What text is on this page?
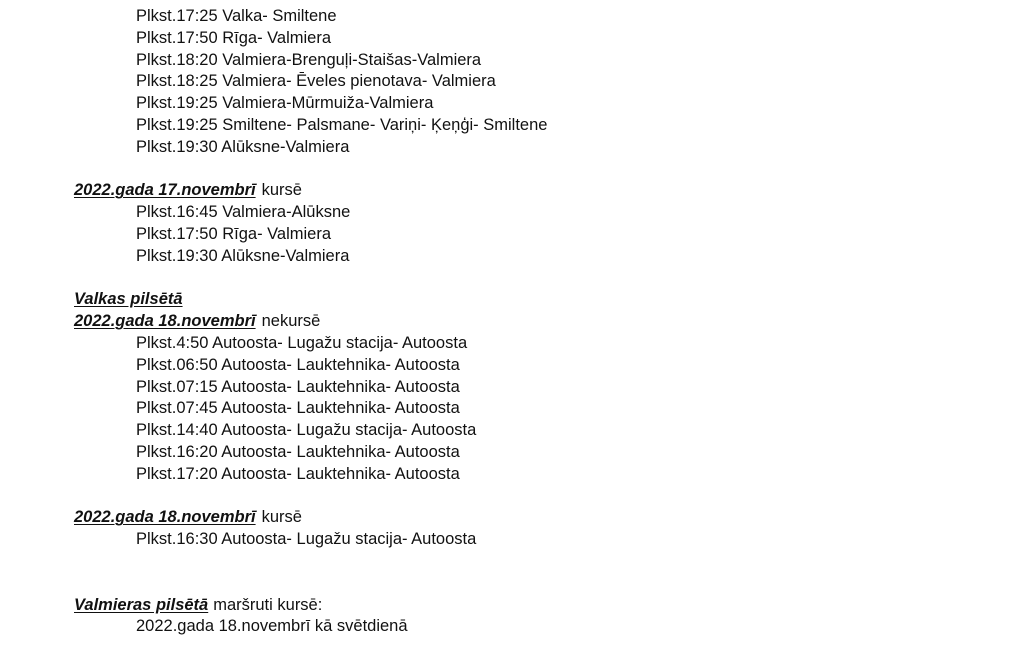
Plkst.17:25 Valka- Smiltene
Plkst.17:50 Rīga- Valmiera
Plkst.18:20 Valmiera-Brenguļi-Staišas-Valmiera
Plkst.18:25 Valmiera- Ēveles pienotava- Valmiera
Plkst.19:25 Valmiera-Mūrmuiža-Valmiera
Plkst.19:25 Smiltene- Palsmane- Variņi- Ķeņģi- Smiltene
Plkst.19:30 Alūksne-Valmiera
2022.gada 17.novembrī kursē
Plkst.16:45 Valmiera-Alūksne
Plkst.17:50 Rīga- Valmiera
Plkst.19:30 Alūksne-Valmiera
Valkas pilsētā
2022.gada 18.novembrī nekursē
Plkst.4:50 Autoosta- Lugažu stacija- Autoosta
Plkst.06:50 Autoosta- Lauktehnika- Autoosta
Plkst.07:15 Autoosta- Lauktehnika- Autoosta
Plkst.07:45 Autoosta- Lauktehnika- Autoosta
Plkst.14:40 Autoosta- Lugažu stacija- Autoosta
Plkst.16:20 Autoosta- Lauktehnika- Autoosta
Plkst.17:20 Autoosta- Lauktehnika- Autoosta
2022.gada 18.novembrī kursē
Plkst.16:30 Autoosta- Lugažu stacija- Autoosta
Valmieras pilsētā maršruti kursē:
2022.gada 18.novembrī kā svētdienā
